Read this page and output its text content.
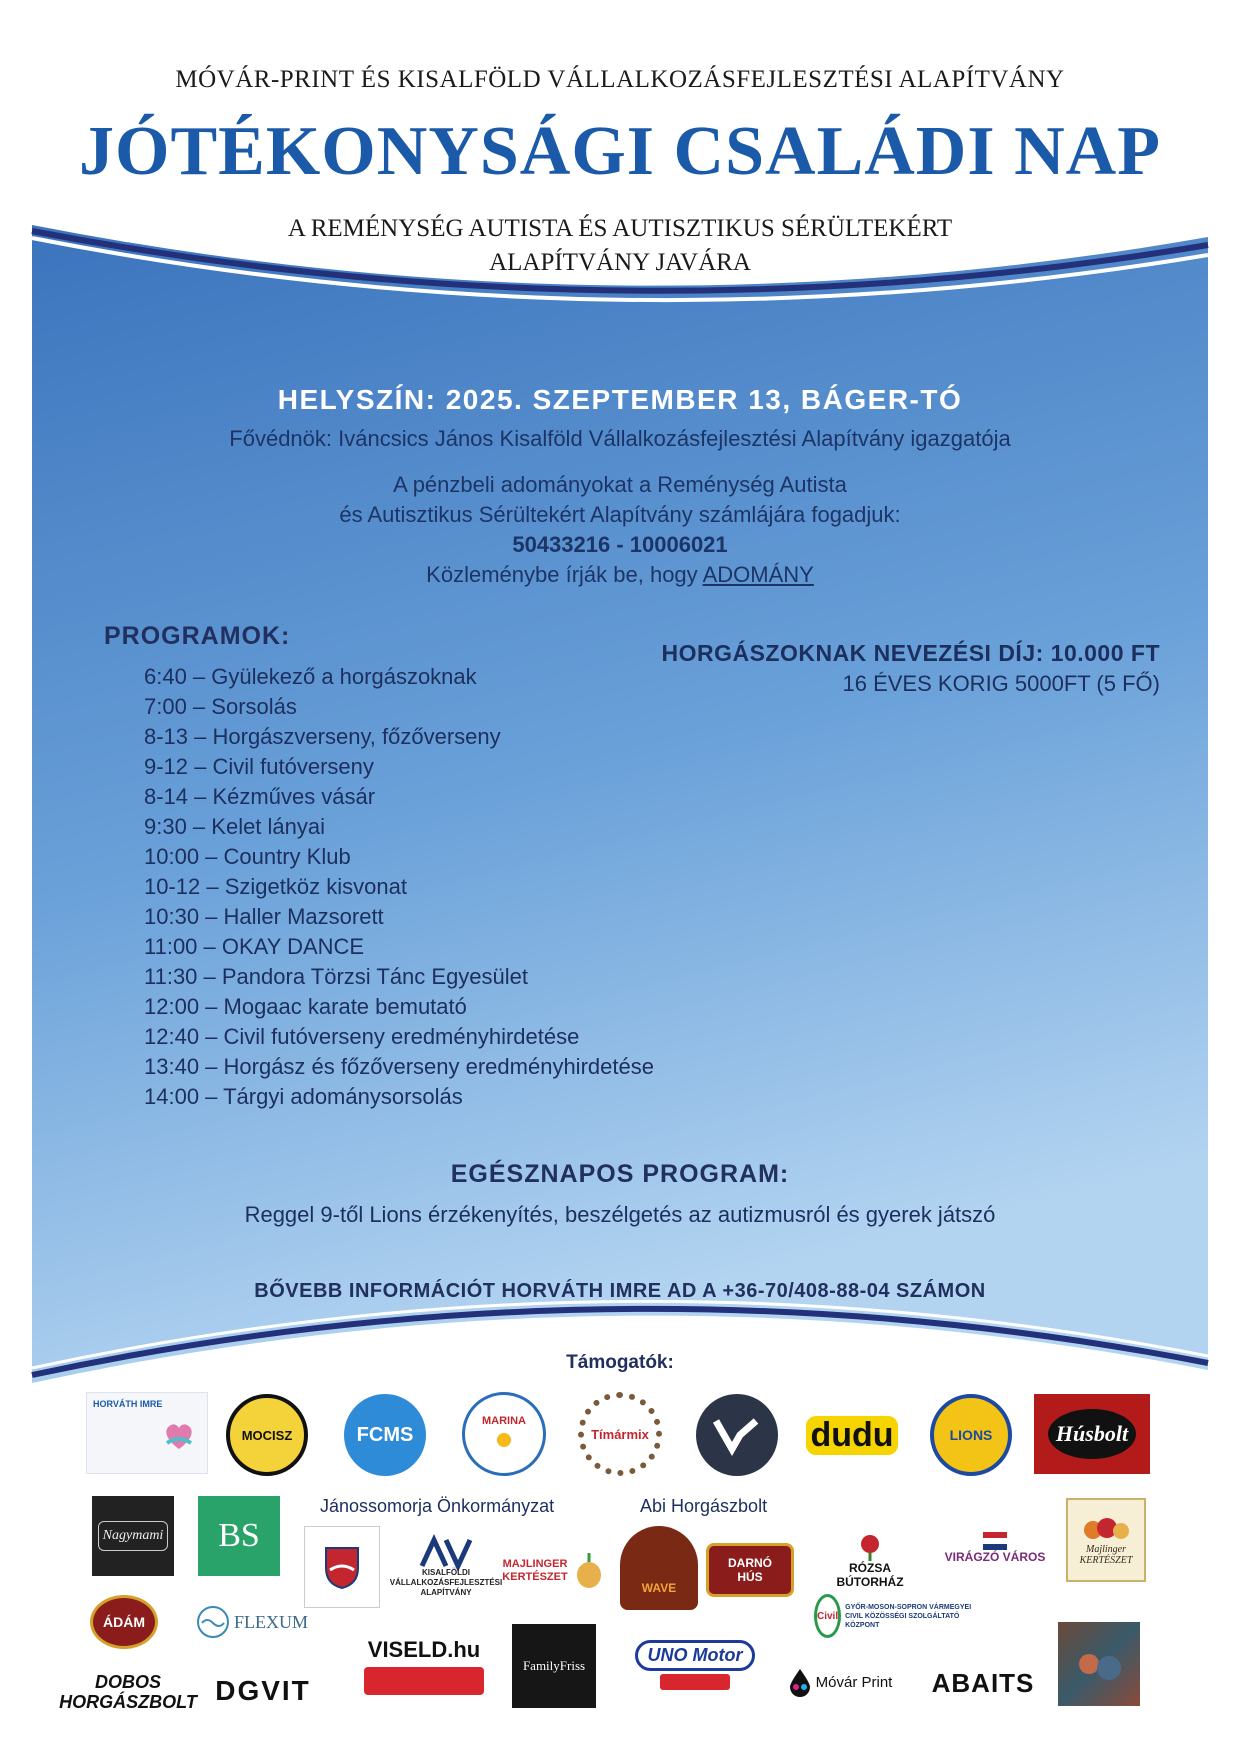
MÓVÁR-PRINT ÉS KISALFÖLD VÁLLALKOZÁSFEJLESZTÉSI ALAPÍTVÁNY
JÓTÉKONYSÁGI CSALÁDI NAP
A REMÉNYSÉG AUTISTA ÉS AUTISZTIKUS SÉRÜLTEKÉRT
ALAPÍTVÁNY JAVÁRA
HELYSZÍN: 2025. SZEPTEMBER 13, BÁGER-TÓ
Fővédnök: Iváncsics János Kisalföld Vállalkozásfejlesztési Alapítvány igazgatója
A pénzbeli adományokat a Reménység Autista
és Autisztikus Sérültekért Alapítvány számlájára fogadjuk:
50433216 - 10006021
Közleménybe írják be, hogy ADOMÁNY
PROGRAMOK:
6:40 – Gyülekező a horgászoknak
7:00 – Sorsolás
8-13 – Horgászverseny, főzőverseny
9-12 – Civil futóverseny
8-14 – Kézműves vásár
9:30 – Kelet lányai
10:00 – Country Klub
10-12 – Szigetköz kisvonat
10:30 – Haller Mazsorett
11:00 – OKAY DANCE
11:30 – Pandora Törzsi Tánc Egyesület
12:00 – Mogaac karate bemutató
12:40 – Civil futóverseny eredményhirdetése
13:40 – Horgász és főzőverseny eredményhirdetése
14:00 – Tárgyi adománysorsolás
HORGÁSZOKNAK NEVEZÉSI DÍJ: 10.000 FT
16 ÉVES KORIG 5000FT (5 FŐ)
EGÉSZNAPOS PROGRAM:
Reggel 9-től Lions érzékenyítés, beszélgetés az autizmusról és gyerek játszó
BŐVEBB INFORMÁCIÓT HORVÁTH IMRE AD A +36-70/408-88-04 SZÁMON
Támogatók:
HORVÁTH IMRE
MOCISZ	FCMS
MARINA
Tímármix	dudu	LIONS	Húsbolt
Nagymami BS
Jánossomorja Önkormányzat	Abi Horgászbolt
KISALFÖLDI VÁLLALKOZÁSFEJLESZTÉSI ALAPÍTVÁNY
MAJLINGER KERTÉSZET
WAVE
DARNÓ HÚS
RÓZSA BÚTORHÁZ
VIRÁGZÓ VÁROS
Majlinger KERTÉSZET
ÁDÁM	FLEXUM	Civil
GYŐR-MOSON-SOPRON VÁRMEGYEI CIVIL KÖZÖSSÉGI SZOLGÁLTATÓ KÖZPONT
DOBOS HORGÁSZBOLT DGVIT
VISELD.hu
FamilyFriss
UNO Motor
Móvár Print ABAITS
